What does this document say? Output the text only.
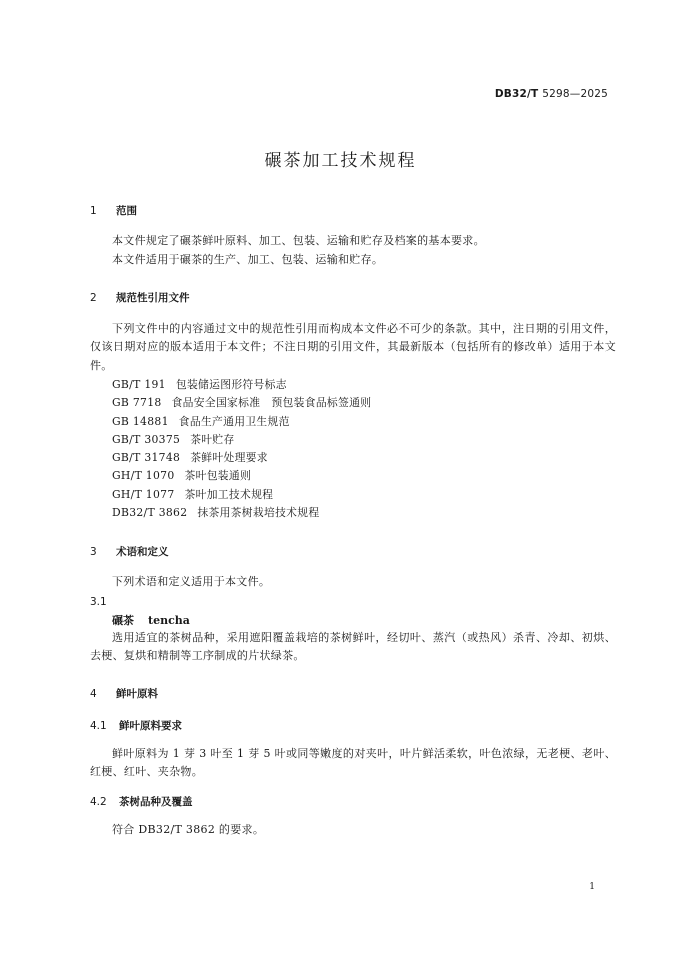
DB32/T 5298—2025
碾茶加工技术规程
1 范围
本文件规定了碾茶鲜叶原料、加工、包装、运输和贮存及档案的基本要求。
本文件适用于碾茶的生产、加工、包装、运输和贮存。
2 规范性引用文件
下列文件中的内容通过文中的规范性引用而构成本文件必不可少的条款。其中，注日期的引用文件，仅该日期对应的版本适用于本文件；不注日期的引用文件，其最新版本（包括所有的修改单）适用于本文件。
GB/T 191 包装储运图形符号标志
GB 7718 食品安全国家标准　预包装食品标签通则
GB 14881 食品生产通用卫生规范
GB/T 30375 茶叶贮存
GB/T 31748 茶鲜叶处理要求
GH/T 1070 茶叶包装通则
GH/T 1077 茶叶加工技术规程
DB32/T 3862 抹茶用茶树栽培技术规程
3 术语和定义
下列术语和定义适用于本文件。
3.1
碾茶 tencha
选用适宜的茶树品种，采用遮阳覆盖栽培的茶树鲜叶，经切叶、蒸汽（或热风）杀青、冷却、初烘、去梗、复烘和精制等工序制成的片状绿茶。
4 鲜叶原料
4.1 鲜叶原料要求
鲜叶原料为 1 芽 3 叶至 1 芽 5 叶或同等嫩度的对夹叶，叶片鲜活柔软，叶色浓绿，无老梗、老叶、红梗、红叶、夹杂物。
4.2 茶树品种及覆盖
符合 DB32/T 3862 的要求。
1
